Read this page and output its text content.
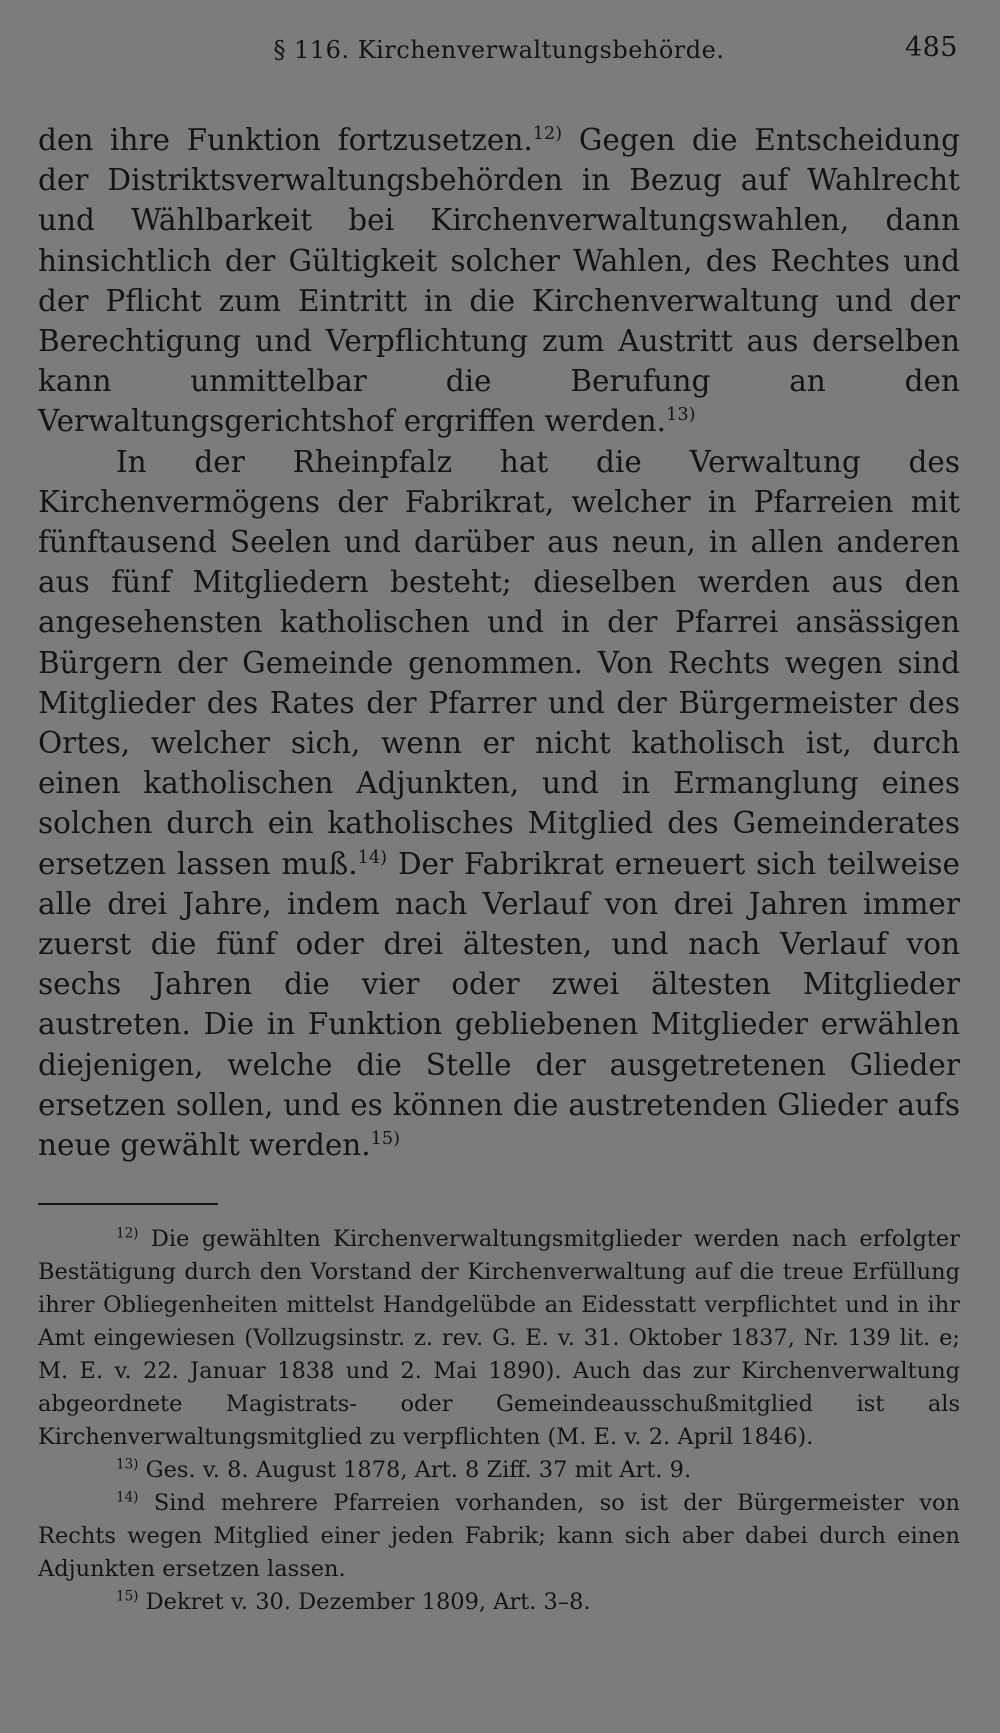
§ 116. Kirchenverwaltungsbehörde.	485

den ihre Funktion fortzusetzen.$^{12)}$ Gegen die Entscheidung der Distriktsverwaltungsbehörden in Bezug auf Wahlrecht und Wählbarkeit bei Kirchenverwaltungswahlen, dann hinsichtlich der Gültigkeit solcher Wahlen, des Rechtes und der Pflicht zum Eintritt in die Kirchenverwaltung und der Berechtigung und Verpflichtung zum Austritt aus derselben kann unmittelbar die Berufung an den Verwaltungsgerichtshof ergriffen werden.$^{13)}$

In der Rheinpfalz hat die Verwaltung des Kirchenvermögens der Fabrikrat, welcher in Pfarreien mit fünftausend Seelen und darüber aus neun, in allen anderen aus fünf Mitgliedern besteht; dieselben werden aus den angesehensten katholischen und in der Pfarrei ansässigen Bürgern der Gemeinde genommen. Von Rechts wegen sind Mitglieder des Rates der Pfarrer und der Bürgermeister des Ortes, welcher sich, wenn er nicht katholisch ist, durch einen katholischen Adjunkten, und in Ermanglung eines solchen durch ein katholisches Mitglied des Gemeinderates ersetzen lassen muß.$^{14)}$ Der Fabrikrat erneuert sich teilweise alle drei Jahre, indem nach Verlauf von drei Jahren immer zuerst die fünf oder drei ältesten, und nach Verlauf von sechs Jahren die vier oder zwei ältesten Mitglieder austreten. Die in Funktion gebliebenen Mitglieder erwählen diejenigen, welche die Stelle der ausgetretenen Glieder ersetzen sollen, und es können die austretenden Glieder aufs neue gewählt werden.$^{15)}$

$^{12)}$ Die gewählten Kirchenverwaltungsmitglieder werden nach erfolgter Bestätigung durch den Vorstand der Kirchenverwaltung auf die treue Erfüllung ihrer Obliegenheiten mittelst Handgelübde an Eidesstatt verpflichtet und in ihr Amt eingewiesen (Vollzugsinstr. z. rev. G. E. v. 31. Oktober 1837, Nr. 139 lit. e; M. E. v. 22. Januar 1838 und 2. Mai 1890). Auch das zur Kirchenverwaltung abgeordnete Magistrats- oder Gemeindeausschußmitglied ist als Kirchenverwaltungsmitglied zu verpflichten (M. E. v. 2. April 1846).

$^{13)}$ Ges. v. 8. August 1878, Art. 8 Ziff. 37 mit Art. 9.

$^{14)}$ Sind mehrere Pfarreien vorhanden, so ist der Bürgermeister von Rechts wegen Mitglied einer jeden Fabrik; kann sich aber dabei durch einen Adjunkten ersetzen lassen.

$^{15)}$ Dekret v. 30. Dezember 1809, Art. 3–8.
